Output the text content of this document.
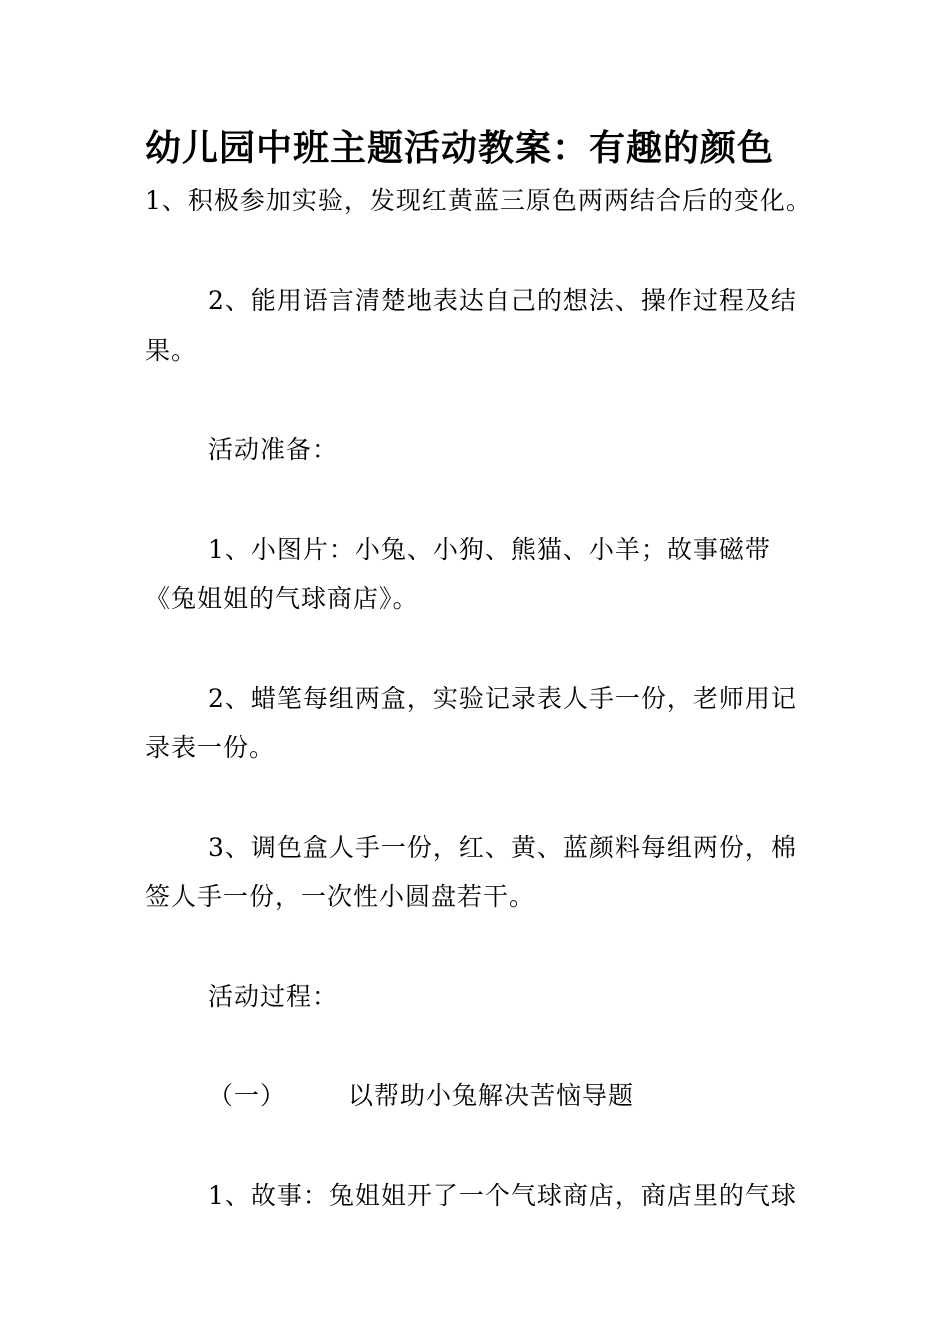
幼儿园中班主题活动教案：有趣的颜色
1、积极参加实验，发现红黄蓝三原色两两结合后的变化。
2、能用语言清楚地表达自己的想法、操作过程及结
果。
活动准备：
1、小图片：小兔、小狗、熊猫、小羊；故事磁带
《兔姐姐的气球商店》。
2、蜡笔每组两盒，实验记录表人手一份，老师用记
录表一份。
3、调色盒人手一份，红、黄、蓝颜料每组两份，棉
签人手一份，一次性小圆盘若干。
活动过程：
（一） 以帮助小兔解决苦恼导题
1、故事：兔姐姐开了一个气球商店，商店里的气球
